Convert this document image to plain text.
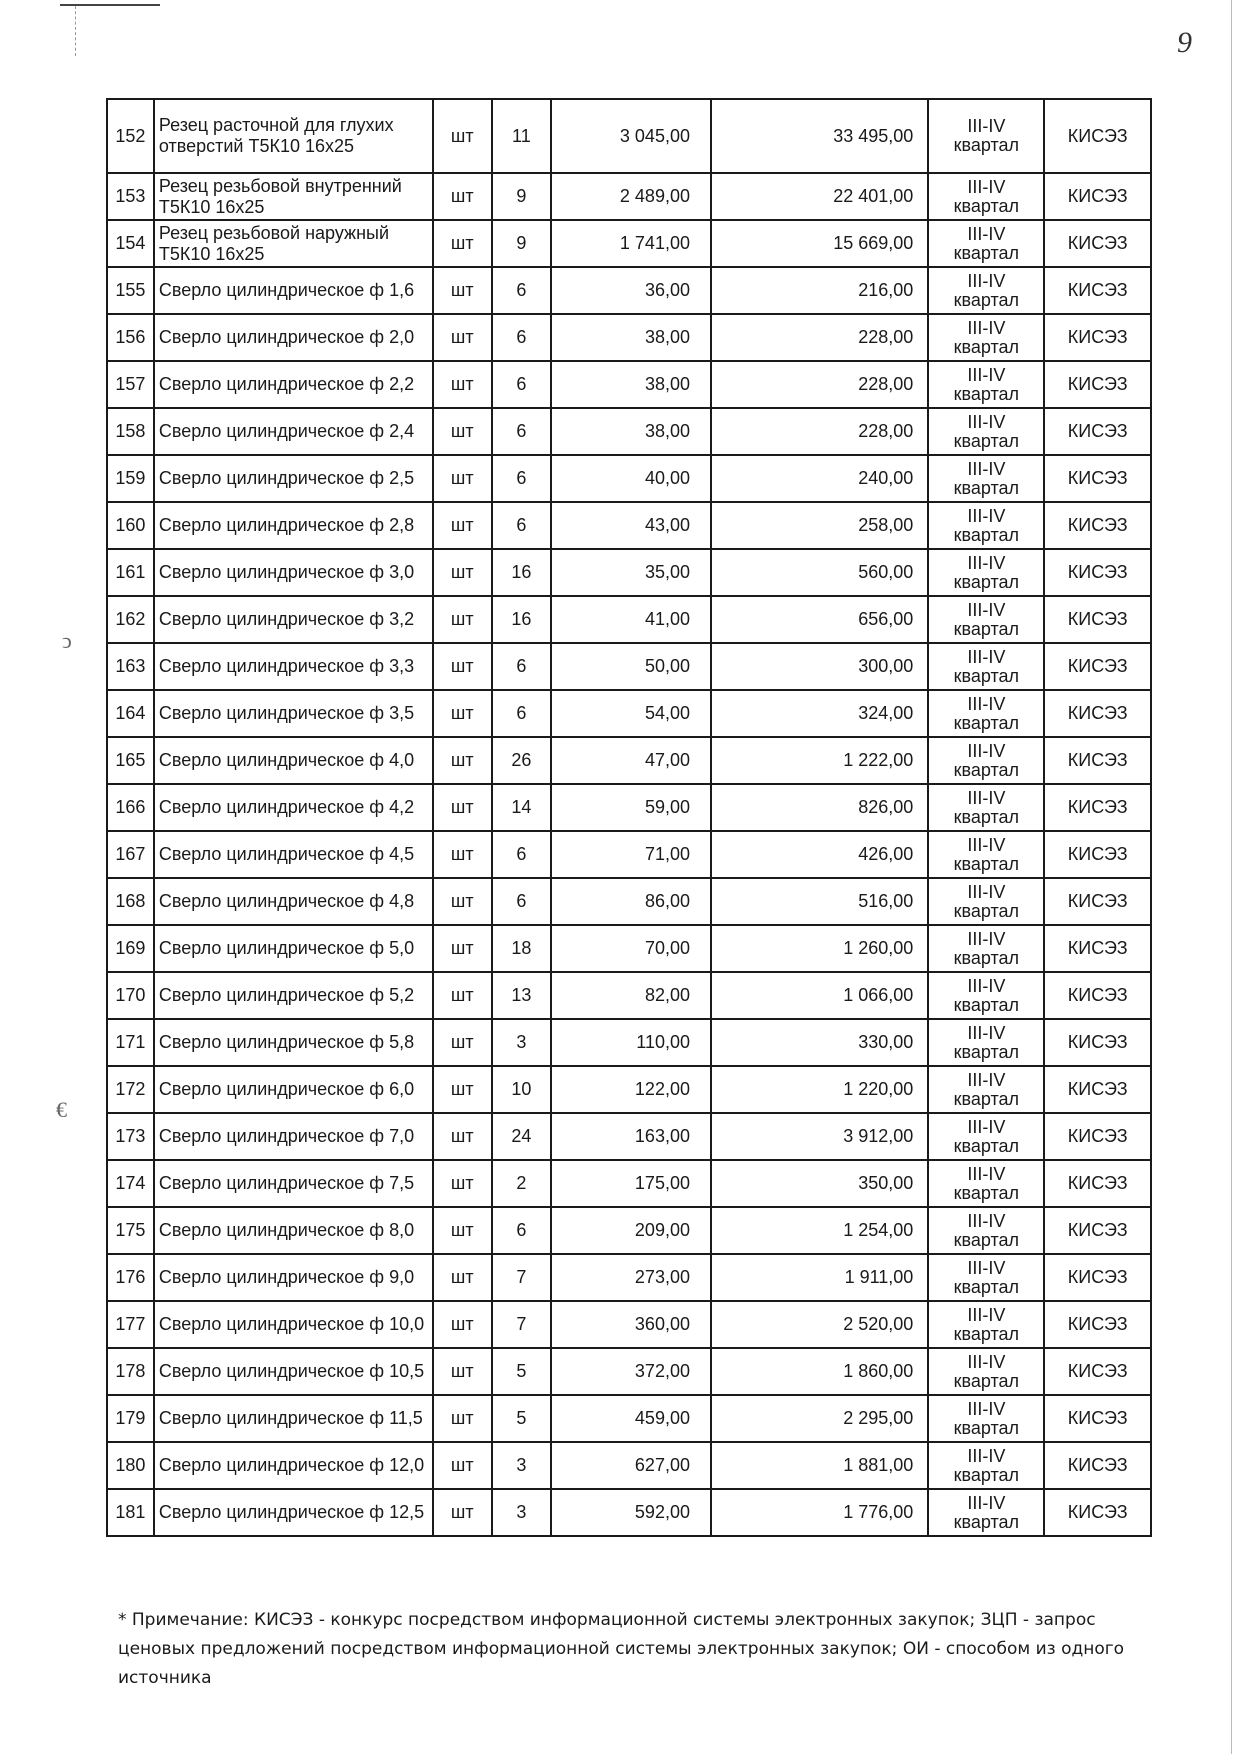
9
ↄ
€
152	Резец расточной для глухих отверстий Т5К10 16х25	шт	11	3 045,00	33 495,00	III-IV квартал	КИСЭЗ
153	Резец резьбовой внутренний Т5К10 16х25	шт	9	2 489,00	22 401,00	III-IV квартал	КИСЭЗ
154	Резец резьбовой наружный Т5К10 16х25	шт	9	1 741,00	15 669,00	III-IV квартал	КИСЭЗ
155	Сверло цилиндрическое ф 1,6	шт	6	36,00	216,00	III-IV квартал	КИСЭЗ
156	Сверло цилиндрическое ф 2,0	шт	6	38,00	228,00	III-IV квартал	КИСЭЗ
157	Сверло цилиндрическое ф 2,2	шт	6	38,00	228,00	III-IV квартал	КИСЭЗ
158	Сверло цилиндрическое ф 2,4	шт	6	38,00	228,00	III-IV квартал	КИСЭЗ
159	Сверло цилиндрическое ф 2,5	шт	6	40,00	240,00	III-IV квартал	КИСЭЗ
160	Сверло цилиндрическое ф 2,8	шт	6	43,00	258,00	III-IV квартал	КИСЭЗ
161	Сверло цилиндрическое ф 3,0	шт	16	35,00	560,00	III-IV квартал	КИСЭЗ
162	Сверло цилиндрическое ф 3,2	шт	16	41,00	656,00	III-IV квартал	КИСЭЗ
163	Сверло цилиндрическое ф 3,3	шт	6	50,00	300,00	III-IV квартал	КИСЭЗ
164	Сверло цилиндрическое ф 3,5	шт	6	54,00	324,00	III-IV квартал	КИСЭЗ
165	Сверло цилиндрическое ф 4,0	шт	26	47,00	1 222,00	III-IV квартал	КИСЭЗ
166	Сверло цилиндрическое ф 4,2	шт	14	59,00	826,00	III-IV квартал	КИСЭЗ
167	Сверло цилиндрическое ф 4,5	шт	6	71,00	426,00	III-IV квартал	КИСЭЗ
168	Сверло цилиндрическое ф 4,8	шт	6	86,00	516,00	III-IV квартал	КИСЭЗ
169	Сверло цилиндрическое ф 5,0	шт	18	70,00	1 260,00	III-IV квартал	КИСЭЗ
170	Сверло цилиндрическое ф 5,2	шт	13	82,00	1 066,00	III-IV квартал	КИСЭЗ
171	Сверло цилиндрическое ф 5,8	шт	3	110,00	330,00	III-IV квартал	КИСЭЗ
172	Сверло цилиндрическое ф 6,0	шт	10	122,00	1 220,00	III-IV квартал	КИСЭЗ
173	Сверло цилиндрическое ф 7,0	шт	24	163,00	3 912,00	III-IV квартал	КИСЭЗ
174	Сверло цилиндрическое ф 7,5	шт	2	175,00	350,00	III-IV квартал	КИСЭЗ
175	Сверло цилиндрическое ф 8,0	шт	6	209,00	1 254,00	III-IV квартал	КИСЭЗ
176	Сверло цилиндрическое ф 9,0	шт	7	273,00	1 911,00	III-IV квартал	КИСЭЗ
177	Сверло цилиндрическое ф 10,0	шт	7	360,00	2 520,00	III-IV квартал	КИСЭЗ
178	Сверло цилиндрическое ф 10,5	шт	5	372,00	1 860,00	III-IV квартал	КИСЭЗ
179	Сверло цилиндрическое ф 11,5	шт	5	459,00	2 295,00	III-IV квартал	КИСЭЗ
180	Сверло цилиндрическое ф 12,0	шт	3	627,00	1 881,00	III-IV квартал	КИСЭЗ
181	Сверло цилиндрическое ф 12,5	шт	3	592,00	1 776,00	III-IV квартал	КИСЭЗ
* Примечание: КИСЭЗ - конкурс посредством информационной системы электронных закупок; ЗЦП - запрос ценовых предложений посредством информационной системы электронных закупок; ОИ - способом из одного источника
